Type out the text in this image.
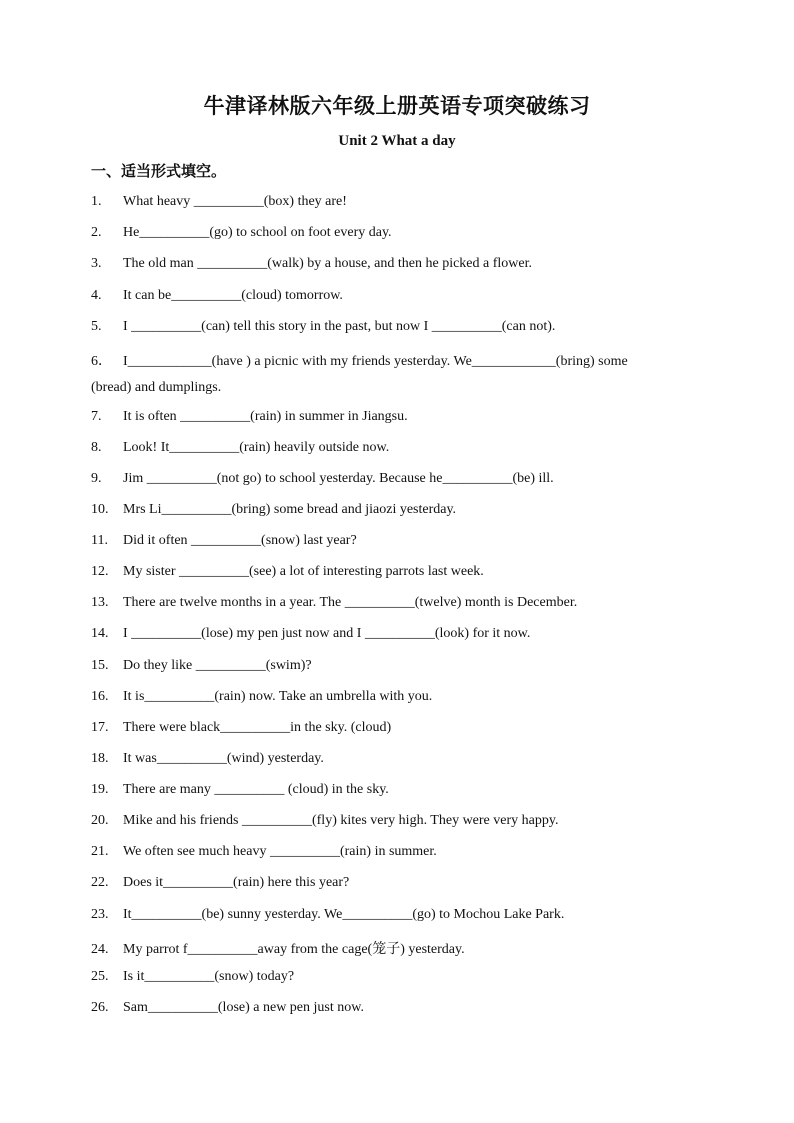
牛津译林版六年级上册英语专项突破练习
Unit 2 What a day
一、适当形式填空。
1. What heavy __________(box) they are!
2. He__________(go) to school on foot every day.
3. The old man __________(walk) by a house, and then he picked a flower.
4. It can be__________(cloud) tomorrow.
5. I __________(can) tell this story in the past, but now I __________(can not).
6． I____________(have ) a picnic with my friends yesterday. We____________(bring) some
(bread) and dumplings.
7. It is often __________(rain) in summer in Jiangsu.
8. Look! It__________(rain) heavily outside now.
9. Jim __________(not go) to school yesterday. Because he__________(be) ill.
10. Mrs Li__________(bring) some bread and jiaozi yesterday.
11. Did it often __________(snow) last year?
12. My sister __________(see) a lot of interesting parrots last week.
13. There are twelve months in a year. The __________(twelve) month is December.
14. I __________(lose) my pen just now and I __________(look) for it now.
15. Do they like __________(swim)?
16. It is__________(rain) now. Take an umbrella with you.
17. There were black__________in the sky. (cloud)
18. It was__________(wind) yesterday.
19. There are many __________ (cloud) in the sky.
20. Mike and his friends __________(fly) kites very high. They were very happy.
21. We often see much heavy __________(rain) in summer.
22. Does it__________(rain) here this year?
23. It__________(be) sunny yesterday. We__________(go) to Mochou Lake Park.
24. My parrot f__________away from the cage(笼子) yesterday.
25. Is it__________(snow) today?
26. Sam__________(lose) a new pen just now.
